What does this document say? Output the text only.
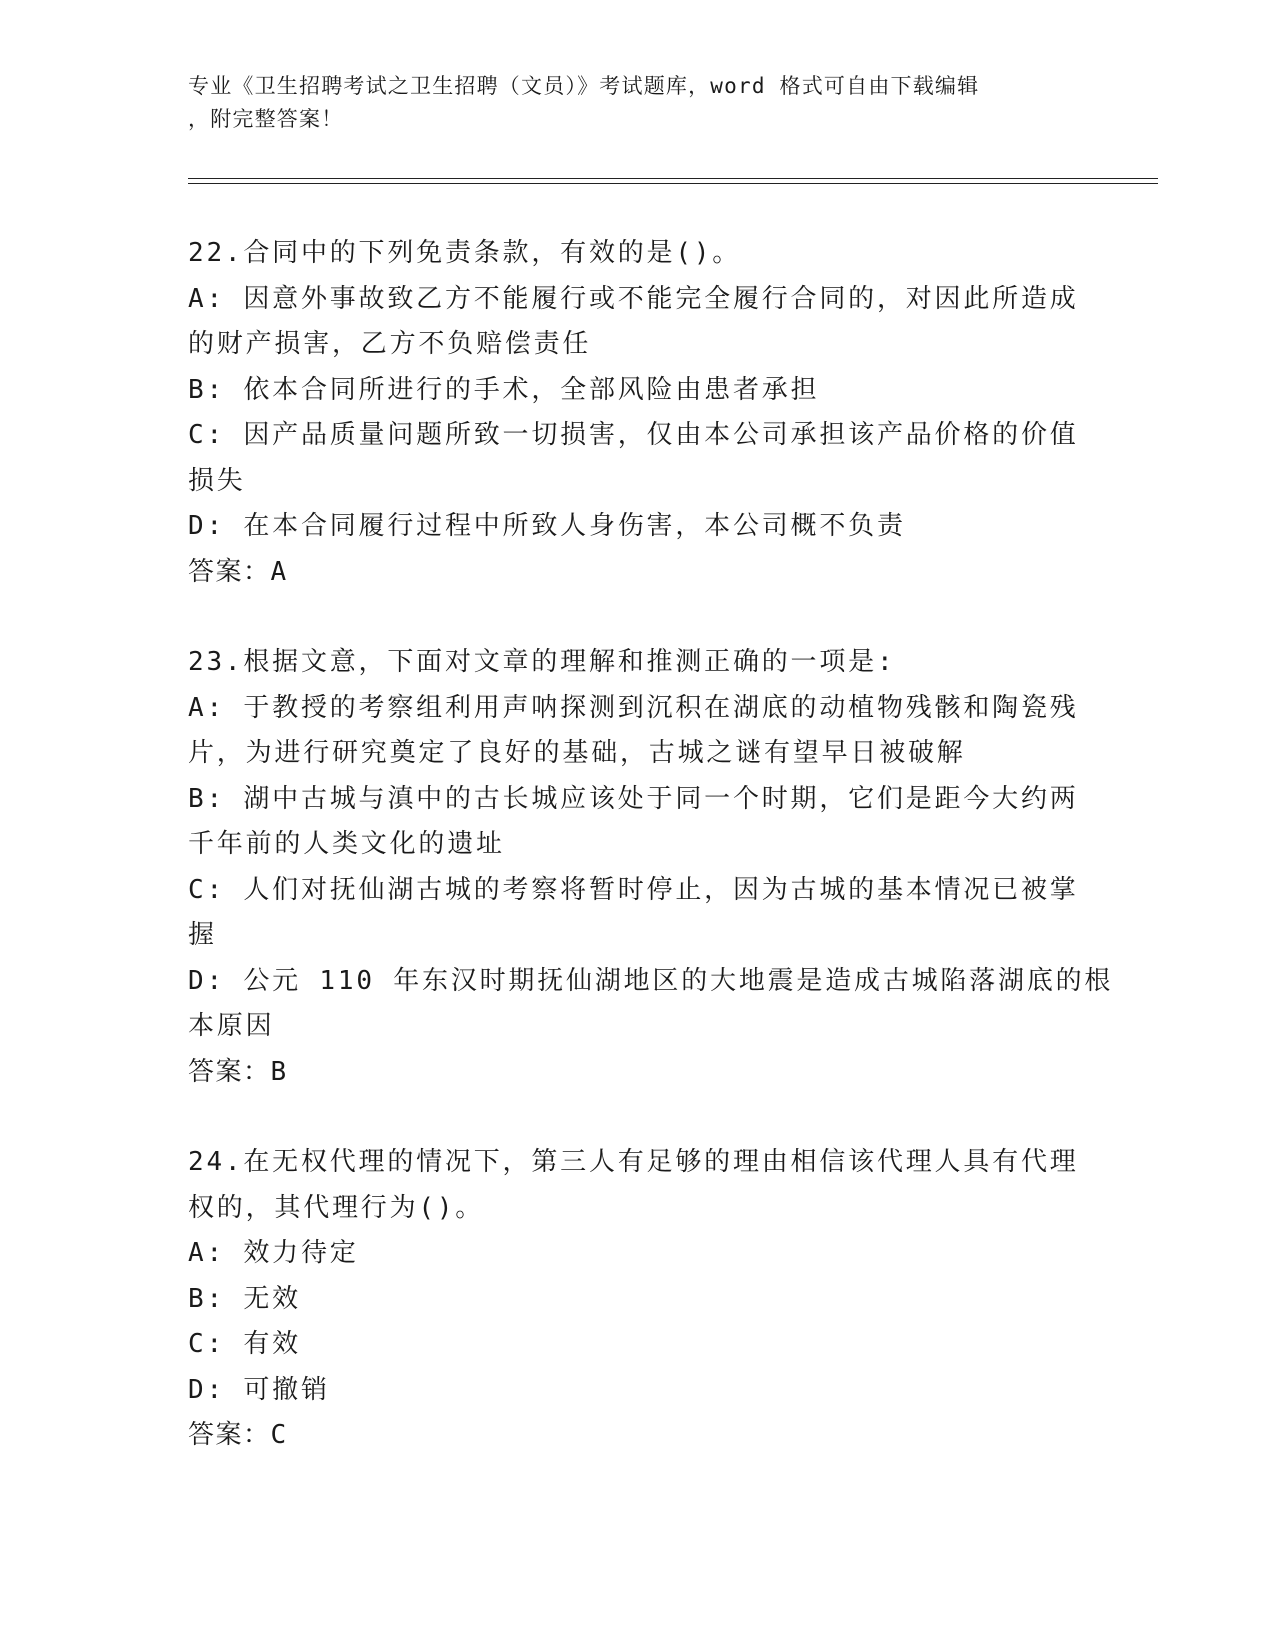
专业《卫生招聘考试之卫生招聘（文员）》考试题库，word 格式可自由下载编辑
，附完整答案！
22.合同中的下列免责条款，有效的是()。
A: 因意外事故致乙方不能履行或不能完全履行合同的，对因此所造成
的财产损害，乙方不负赔偿责任
B: 依本合同所进行的手术，全部风险由患者承担
C: 因产品质量问题所致一切损害，仅由本公司承担该产品价格的价值
损失
D: 在本合同履行过程中所致人身伤害，本公司概不负责
答案：A
23.根据文意，下面对文章的理解和推测正确的一项是:
A: 于教授的考察组利用声呐探测到沉积在湖底的动植物残骸和陶瓷残
片，为进行研究奠定了良好的基础，古城之谜有望早日被破解
B: 湖中古城与滇中的古长城应该处于同一个时期，它们是距今大约两
千年前的人类文化的遗址
C: 人们对抚仙湖古城的考察将暂时停止，因为古城的基本情况已被掌
握
D: 公元 110 年东汉时期抚仙湖地区的大地震是造成古城陷落湖底的根
本原因
答案：B
24.在无权代理的情况下，第三人有足够的理由相信该代理人具有代理
权的，其代理行为()。
A: 效力待定
B: 无效
C: 有效
D: 可撤销
答案：C
